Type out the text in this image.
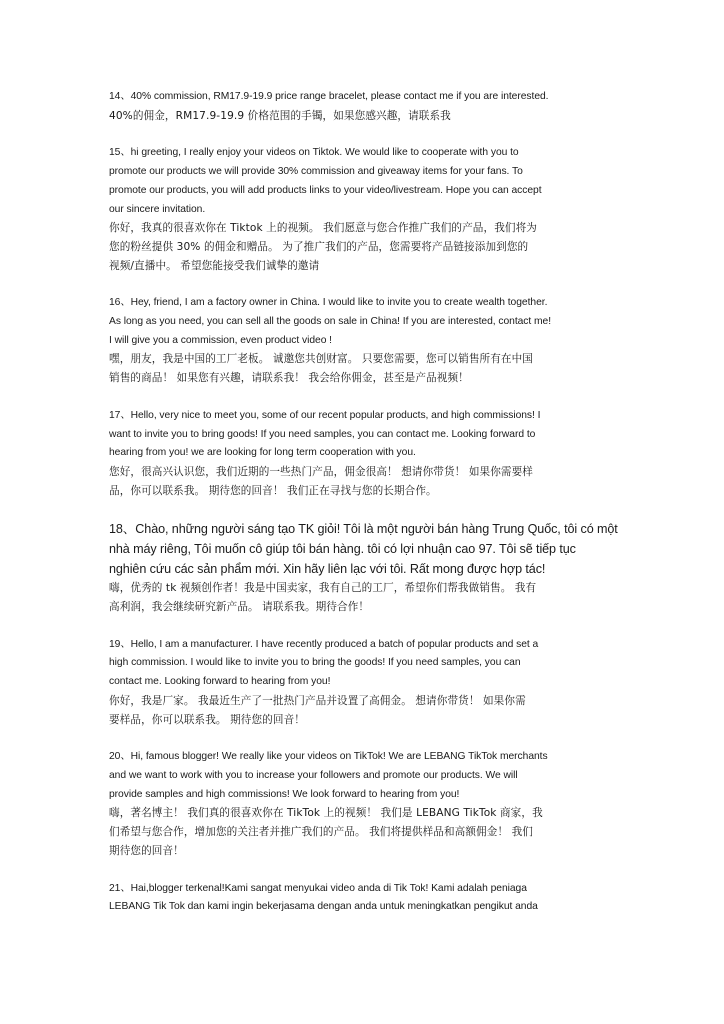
14、40% commission, RM17.9-19.9 price range bracelet, please contact me if you are interested.
40%的佣金，RM17.9-19.9 价格范围的手镯，如果您感兴趣，请联系我
15、hi greeting, I really enjoy your videos on Tiktok. We would like to cooperate with you to
promote our products we will provide 30% commission and giveaway items for your fans. To
promote our products, you will add products links to your video/livestream. Hope you can accept
our sincere invitation.
你好，我真的很喜欢你在 Tiktok 上的视频。 我们愿意与您合作推广我们的产品，我们将为
您的粉丝提供 30% 的佣金和赠品。 为了推广我们的产品，您需要将产品链接添加到您的
视频/直播中。 希望您能接受我们诚挚的邀请
16、Hey, friend, I am a factory owner in China. I would like to invite you to create wealth together.
As long as you need, you can sell all the goods on sale in China! If you are interested, contact me!
I will give you a commission, even product video !
嘿，朋友，我是中国的工厂老板。 诚邀您共创财富。 只要您需要，您可以销售所有在中国
销售的商品！ 如果您有兴趣，请联系我！ 我会给你佣金，甚至是产品视频！
17、Hello, very nice to meet you, some of our recent popular products, and high commissions! I
want to invite you to bring goods! If you need samples, you can contact me. Looking forward to
hearing from you! we are looking for long term cooperation with you.
您好，很高兴认识您，我们近期的一些热门产品，佣金很高！ 想请你带货！ 如果你需要样
品，你可以联系我。 期待您的回音！ 我们正在寻找与您的长期合作。
18、Chào, những người sáng tạo TK giỏi! Tôi là một người bán hàng Trung Quốc, tôi có một
nhà máy riêng, Tôi muốn cô giúp tôi bán hàng. tôi có lợi nhuận cao 97. Tôi sẽ tiếp tục
nghiên cứu các sản phẩm mới. Xin hãy liên lạc với tôi. Rất mong được hợp tác!
嗨，优秀的 tk 视频创作者！我是中国卖家，我有自己的工厂，希望你们帮我做销售。 我有
高利润，我会继续研究新产品。 请联系我。期待合作！
19、Hello, I am a manufacturer. I have recently produced a batch of popular products and set a
high commission. I would like to invite you to bring the goods! If you need samples, you can
contact me. Looking forward to hearing from you!
你好，我是厂家。 我最近生产了一批热门产品并设置了高佣金。 想请你带货！ 如果你需
要样品，你可以联系我。 期待您的回音！
20、Hi, famous blogger! We really like your videos on TikTok! We are LEBANG TikTok merchants
and we want to work with you to increase your followers and promote our products. We will
provide samples and high commissions! We look forward to hearing from you!
嗨，著名博主！ 我们真的很喜欢你在 TikTok 上的视频！ 我们是 LEBANG TikTok 商家，我
们希望与您合作，增加您的关注者并推广我们的产品。 我们将提供样品和高额佣金！ 我们
期待您的回音！
21、Hai,blogger terkenal!Kami sangat menyukai video anda di Tik Tok! Kami adalah peniaga
LEBANG Tik Tok dan kami ingin bekerjasama dengan anda untuk meningkatkan pengikut anda
